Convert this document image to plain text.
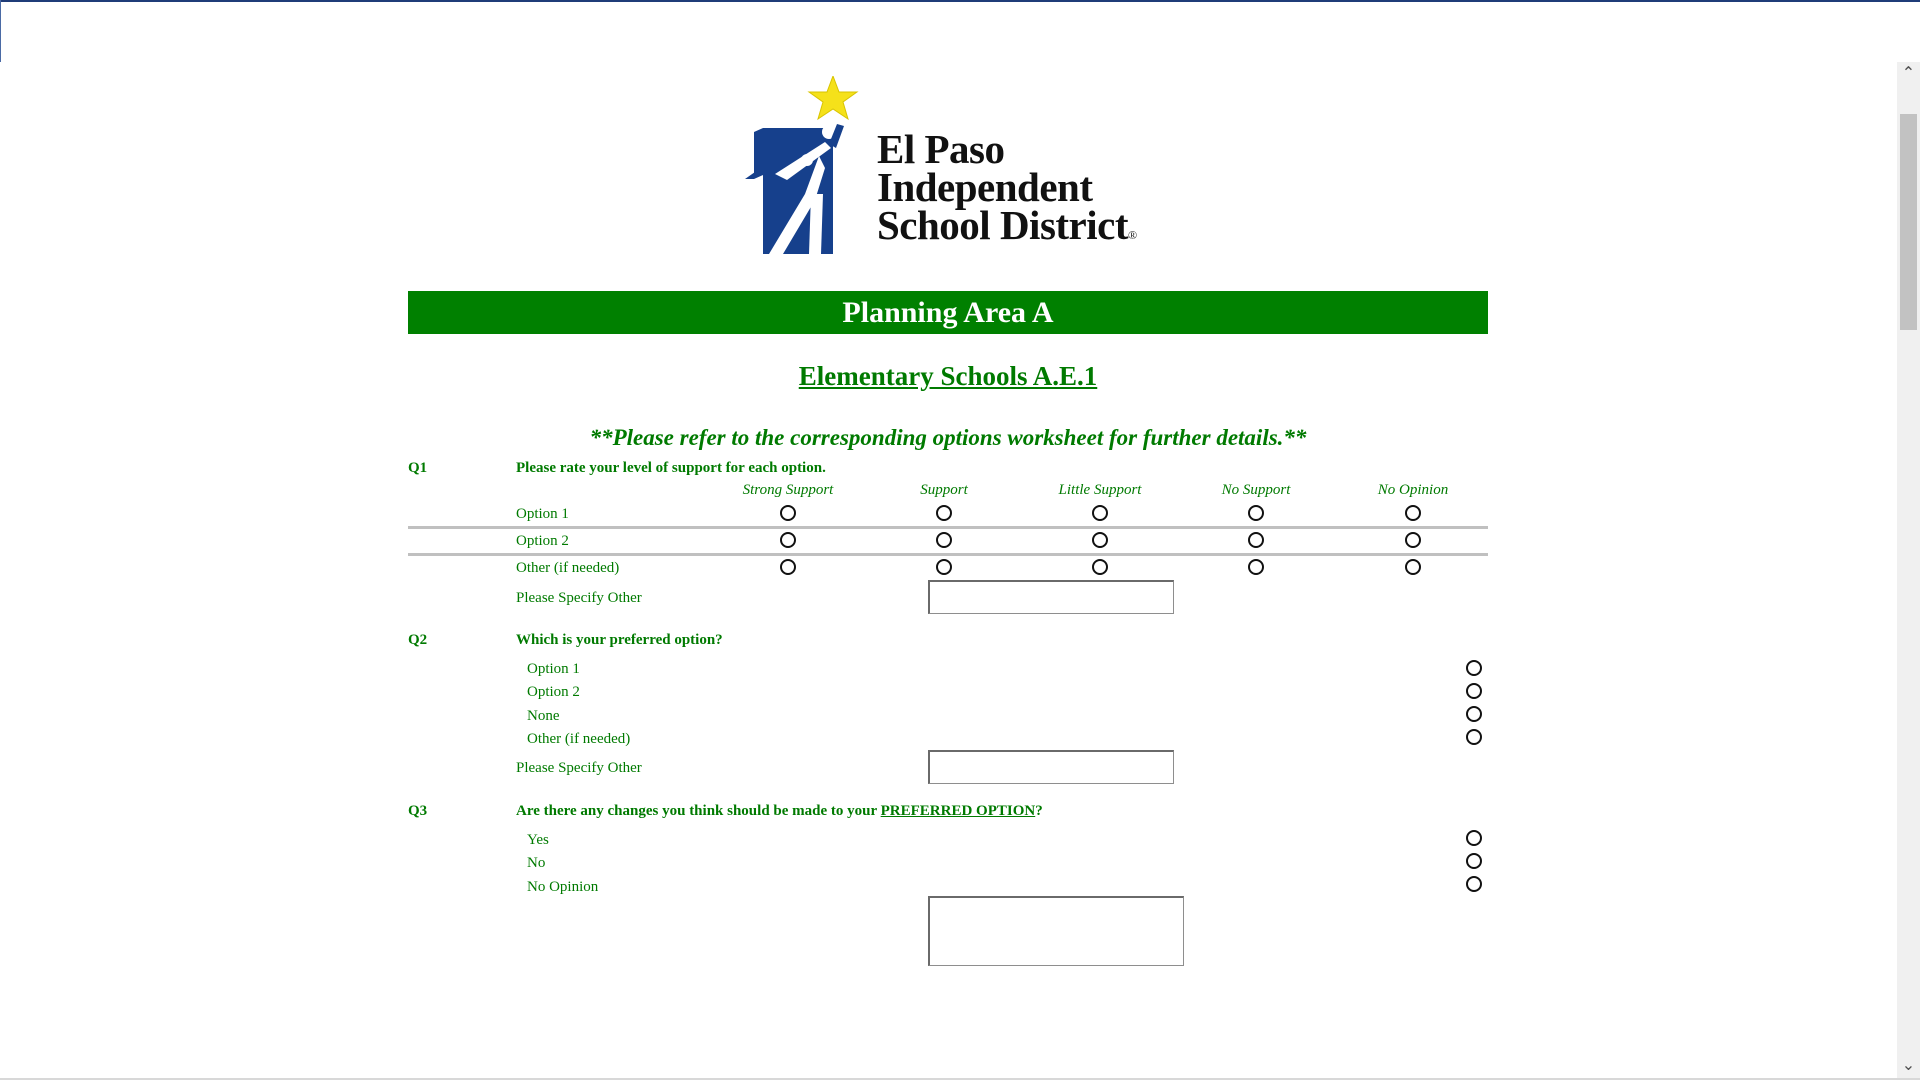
El Paso
Independent
School District®
Planning Area A
Elementary Schools A.E.1
**Please refer to the corresponding options worksheet for further details.**
Q1	Please rate your level of support for each option.
Strong Support	Support	Little Support	No Support	No Opinion
Option 1
Option 2
Other (if needed)
Please Specify Other
Q2	Which is your preferred option?
Option 1
Option 2
None
Other (if needed)
Please Specify Other
Q3	Are there any changes you think should be made to your PREFERRED OPTION?
Yes
No
No Opinion
⌃
⌄
